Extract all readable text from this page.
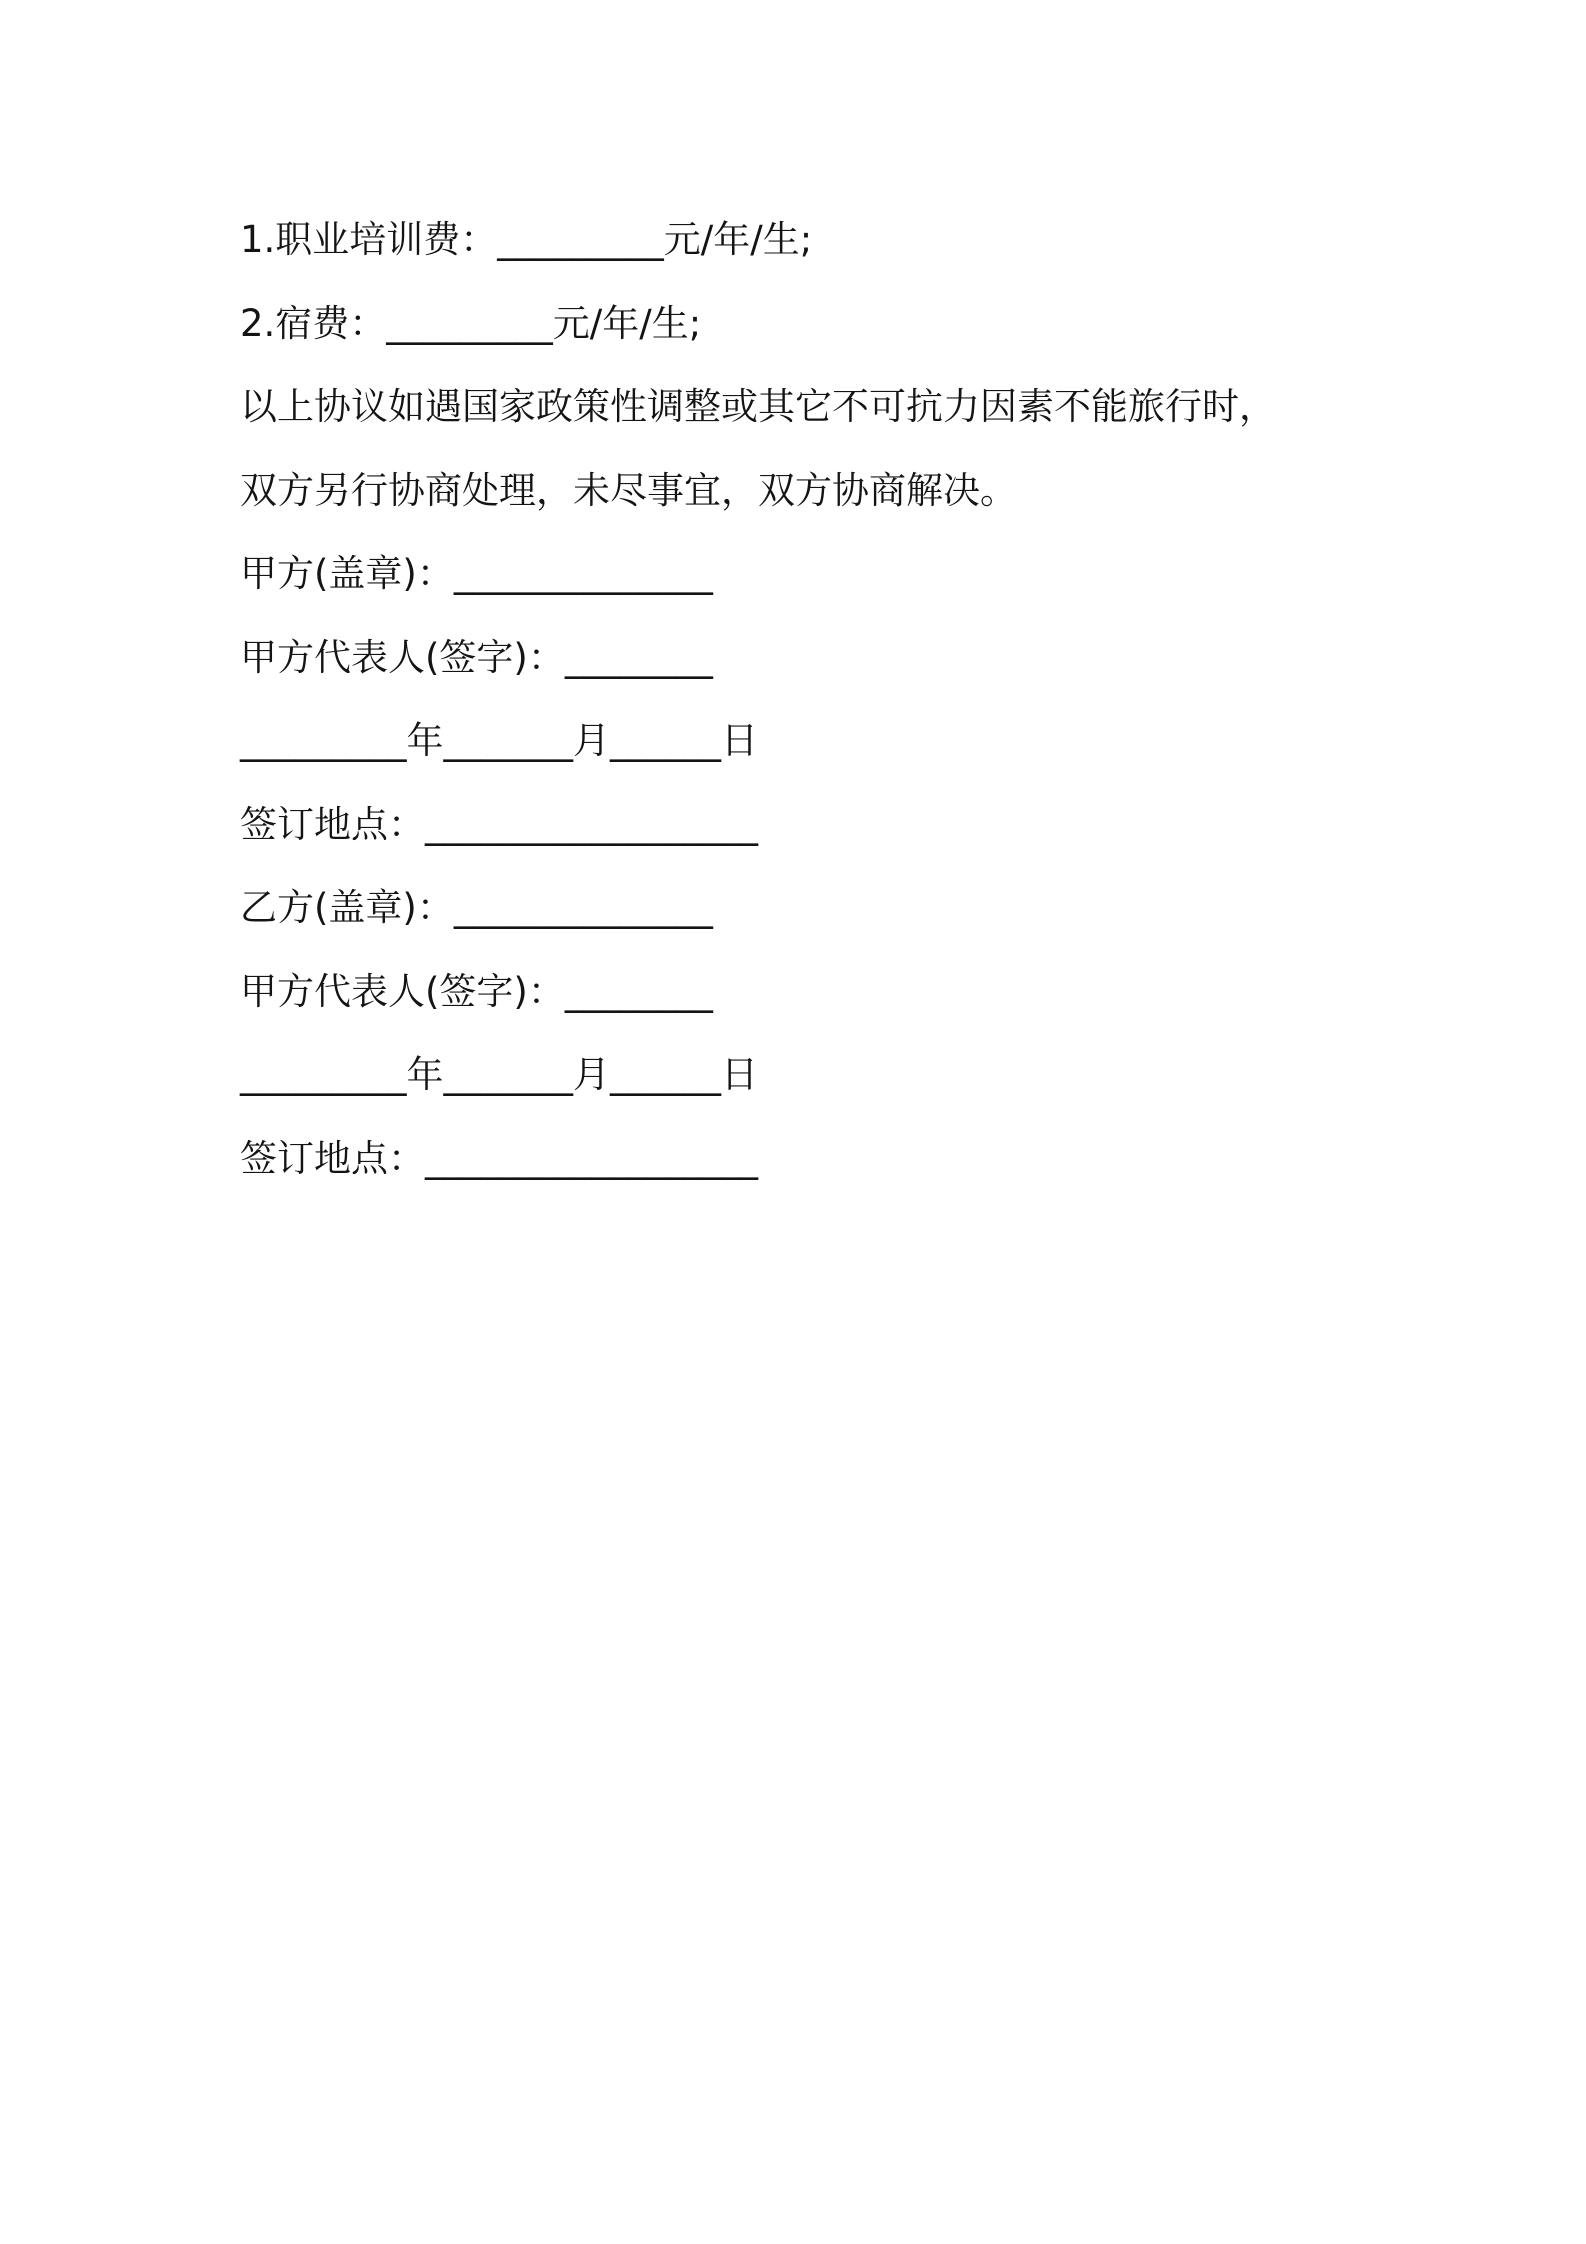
1.职业培训费：_________元/年/生;
2.宿费：_________元/年/生;
以上协议如遇国家政策性调整或其它不可抗力因素不能旅行时，
双方另行协商处理，未尽事宜，双方协商解决。
甲方(盖章)：______________
甲方代表人(签字)：________
_________年_______月______日
签订地点：__________________
乙方(盖章)：______________
甲方代表人(签字)：________
_________年_______月______日
签订地点：__________________
